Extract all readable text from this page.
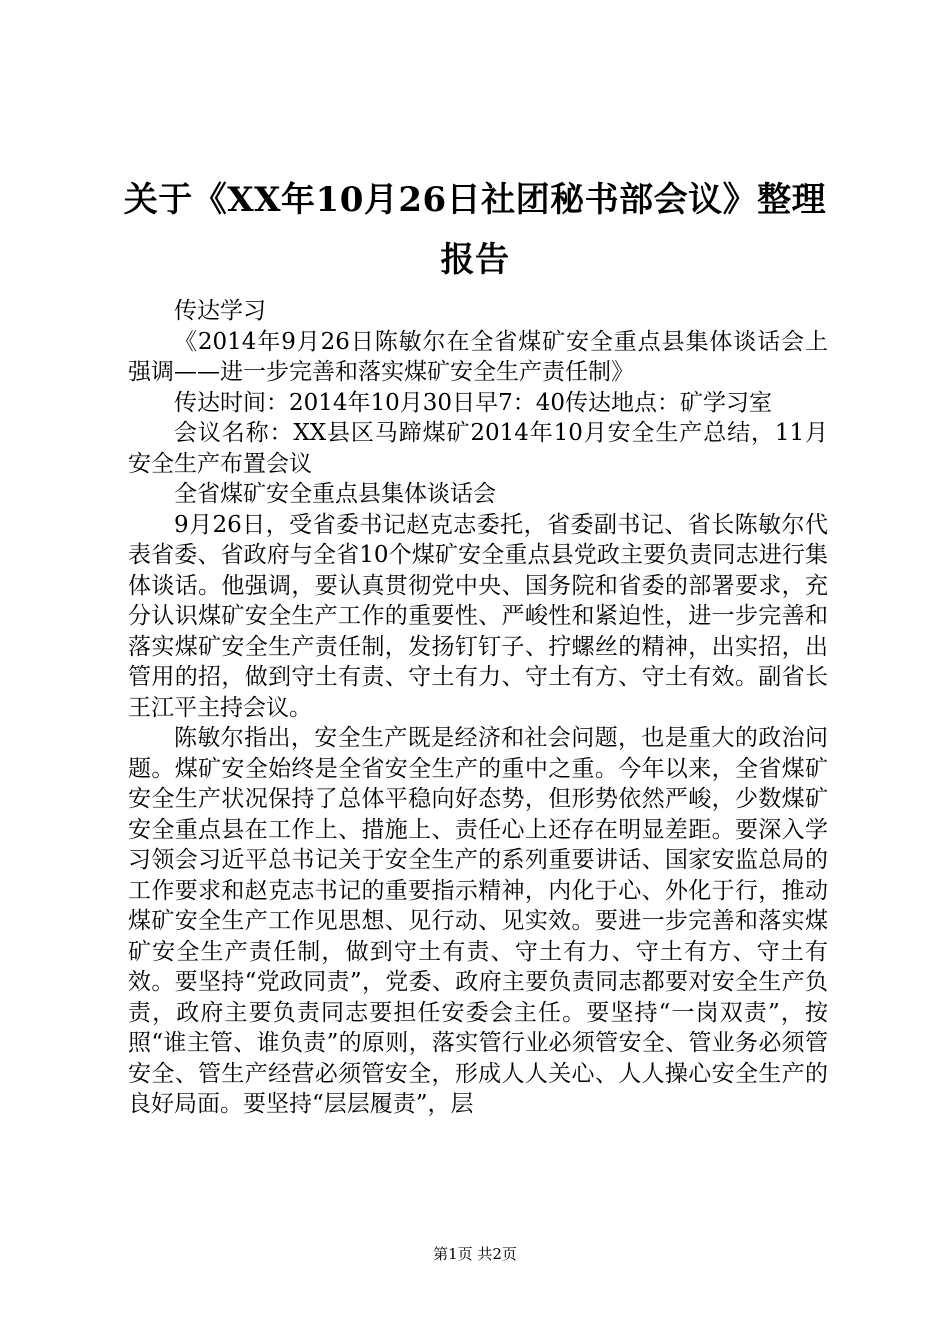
关于《XX年10月26日社团秘书部会议》整理报告

传达学习

《2014年9月26日陈敏尔在全省煤矿安全重点县集体谈话会上强调——进一步完善和落实煤矿安全生产责任制》

传达时间：2014年10月30日早7：40传达地点：矿学习室

会议名称：XX县区马蹄煤矿2014年10月安全生产总结，11月安全生产布置会议

全省煤矿安全重点县集体谈话会

9月26日，受省委书记赵克志委托，省委副书记、省长陈敏尔代表省委、省政府与全省10个煤矿安全重点县党政主要负责同志进行集体谈话。他强调，要认真贯彻党中央、国务院和省委的部署要求，充分认识煤矿安全生产工作的重要性、严峻性和紧迫性，进一步完善和落实煤矿安全生产责任制，发扬钉钉子、拧螺丝的精神，出实招，出管用的招，做到守土有责、守土有力、守土有方、守土有效。副省长王江平主持会议。

陈敏尔指出，安全生产既是经济和社会问题，也是重大的政治问题。煤矿安全始终是全省安全生产的重中之重。今年以来，全省煤矿安全生产状况保持了总体平稳向好态势，但形势依然严峻，少数煤矿安全重点县在工作上、措施上、责任心上还存在明显差距。要深入学习领会习近平总书记关于安全生产的系列重要讲话、国家安监总局的工作要求和赵克志书记的重要指示精神，内化于心、外化于行，推动煤矿安全生产工作见思想、见行动、见实效。要进一步完善和落实煤矿安全生产责任制，做到守土有责、守土有力、守土有方、守土有效。要坚持“党政同责”，党委、政府主要负责同志都要对安全生产负责，政府主要负责同志要担任安委会主任。要坚持“一岗双责”，按照“谁主管、谁负责”的原则，落实管行业必须管安全、管业务必须管安全、管生产经营必须管安全，形成人人关心、人人操心安全生产的良好局面。要坚持“层层履责”，层

第1页 共2页
